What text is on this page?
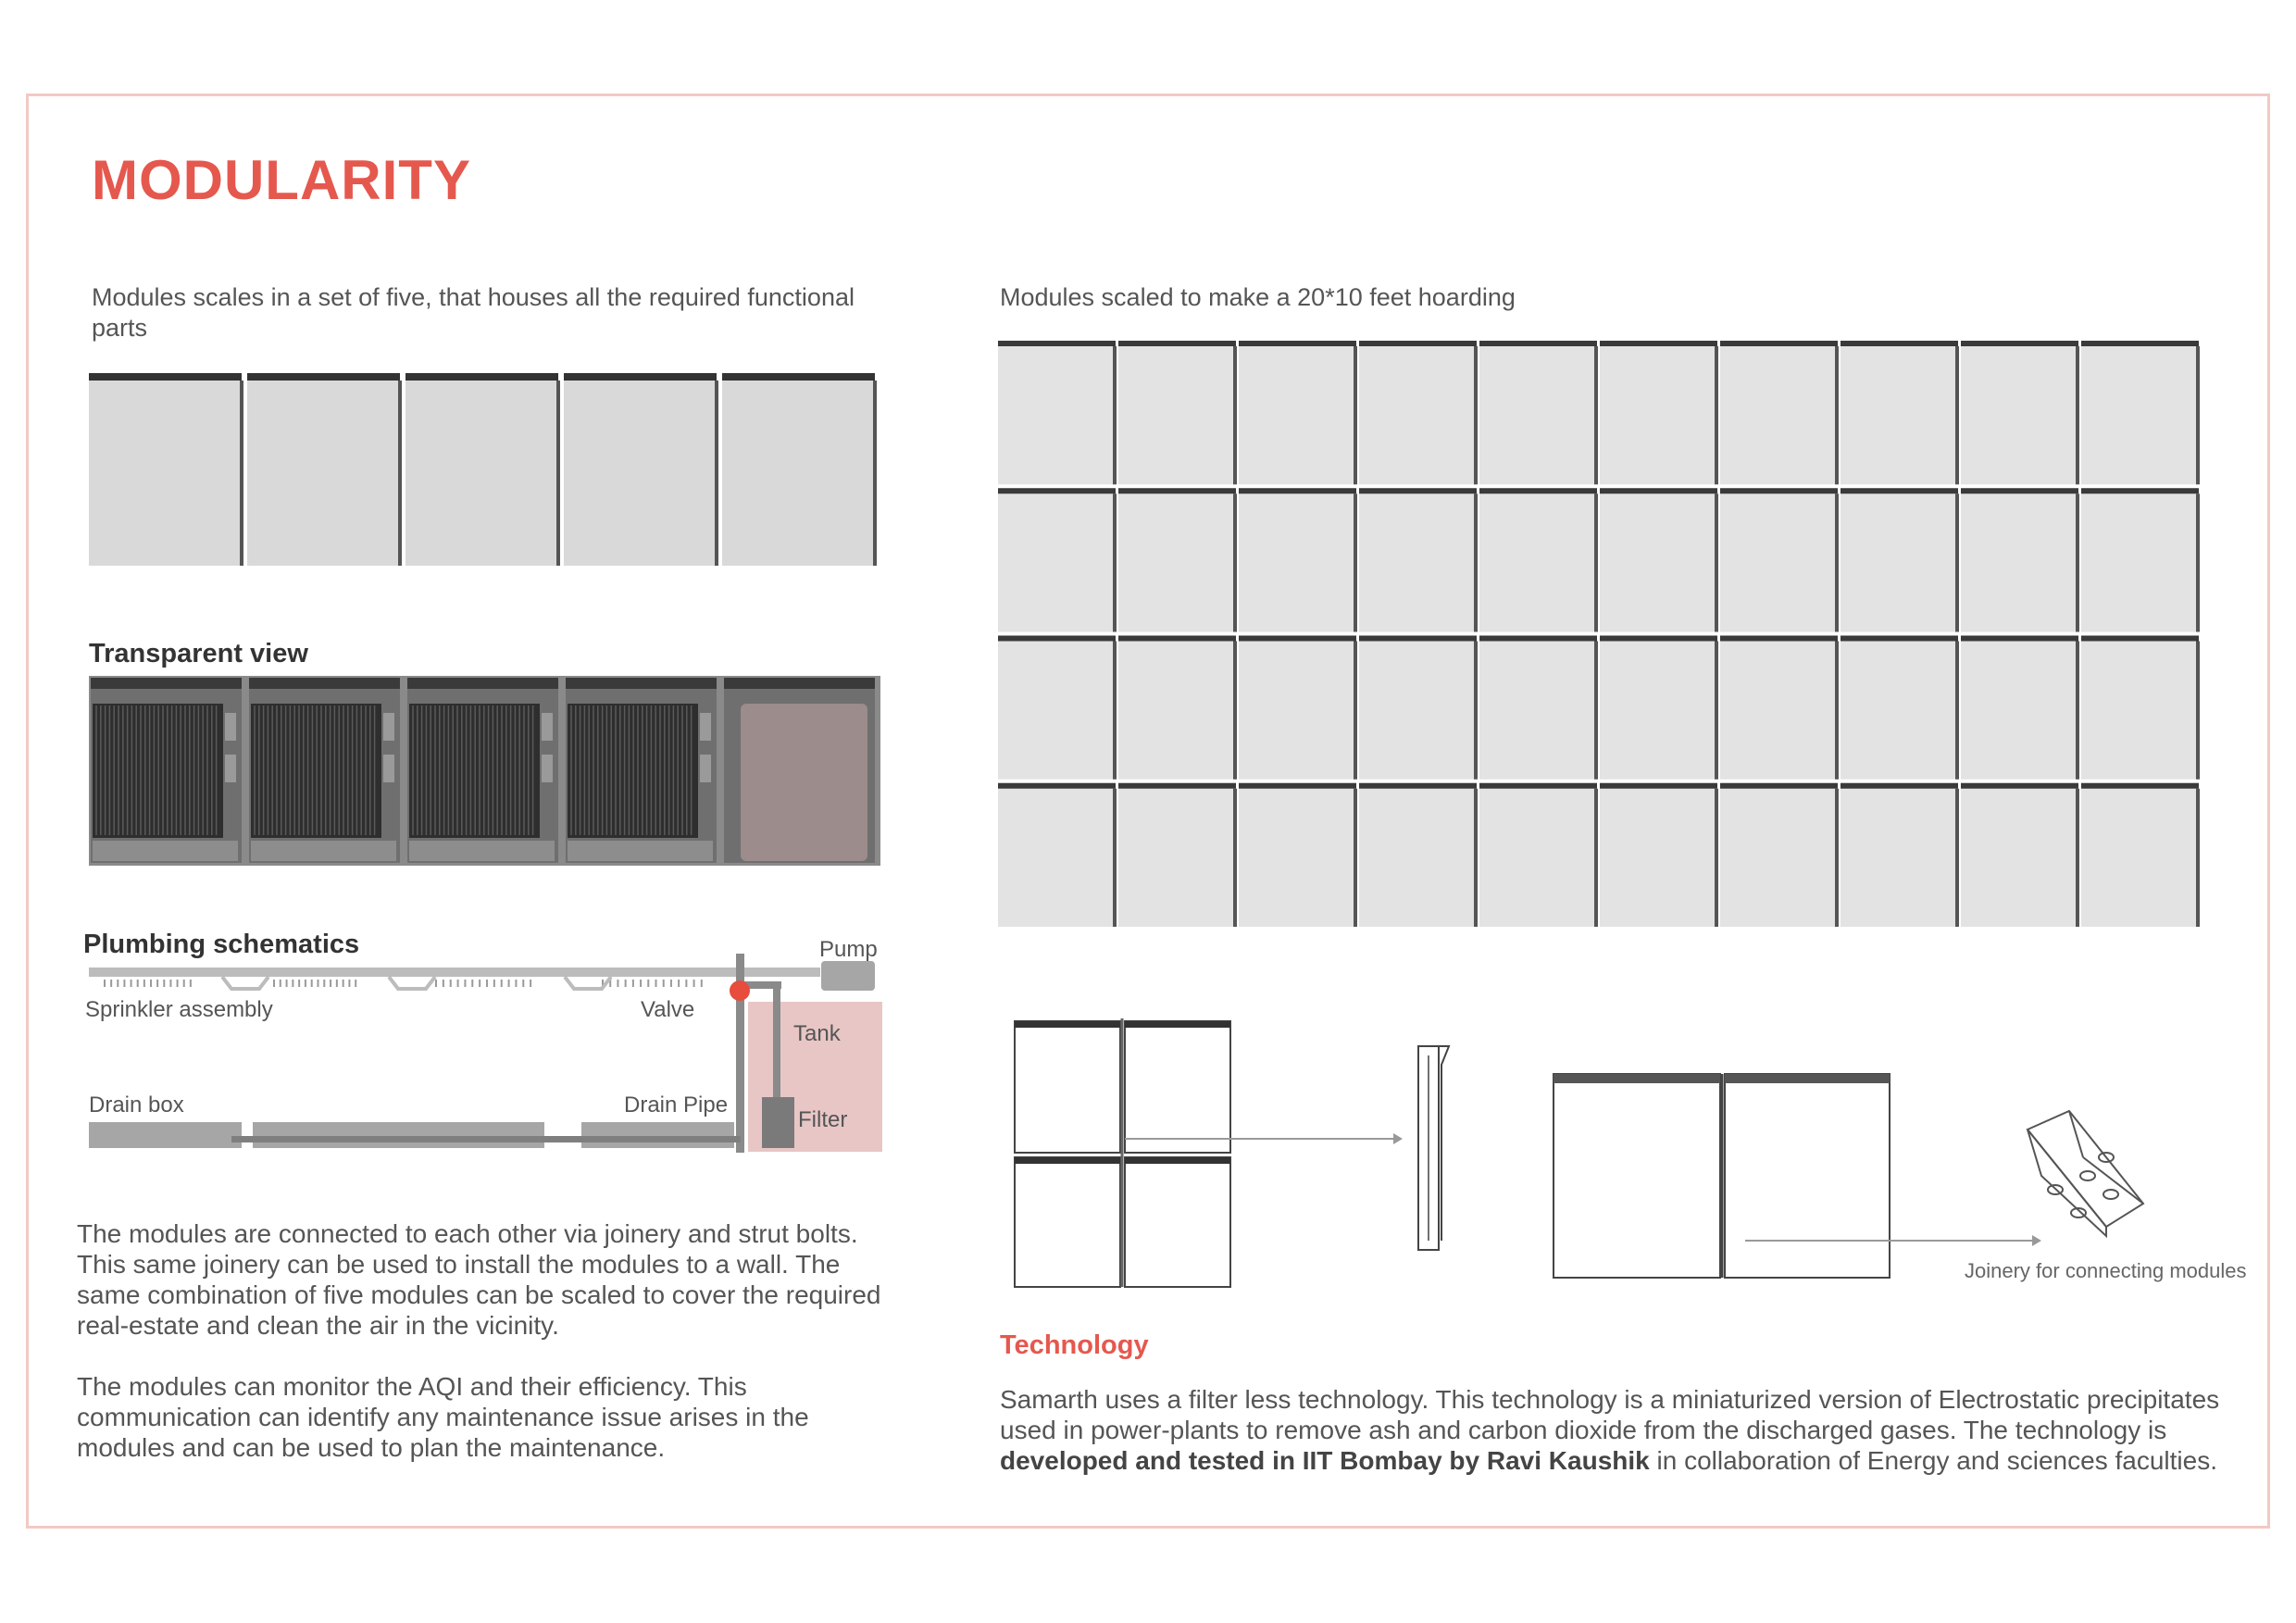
MODULARITY
Modules scales in a set of five, that houses all the required functional parts
Transparent view
Plumbing schematics	Pump
Sprinkler assembly	Valve
Tank
Drain box	Drain Pipe
Filter

The modules are connected to each other via joinery and strut bolts. This same joinery can be used to install the modules to a wall. The same combination of five modules can be scaled to cover the required real-estate and clean the air in the vicinity.

The modules can monitor the AQI and their efficiency. This communication can identify any maintenance issue arises in the modules and can be used to plan the maintenance.

Modules scaled to make a 20*10 feet hoarding
Joinery for connecting modules
Technology
Samarth uses a filter less technology. This technology is a miniaturized version of Electrostatic precipitates used in power-plants to remove ash and carbon dioxide from the discharged gases. The technology is developed and tested in IIT Bombay by Ravi Kaushik in collaboration of Energy and sciences faculties.
